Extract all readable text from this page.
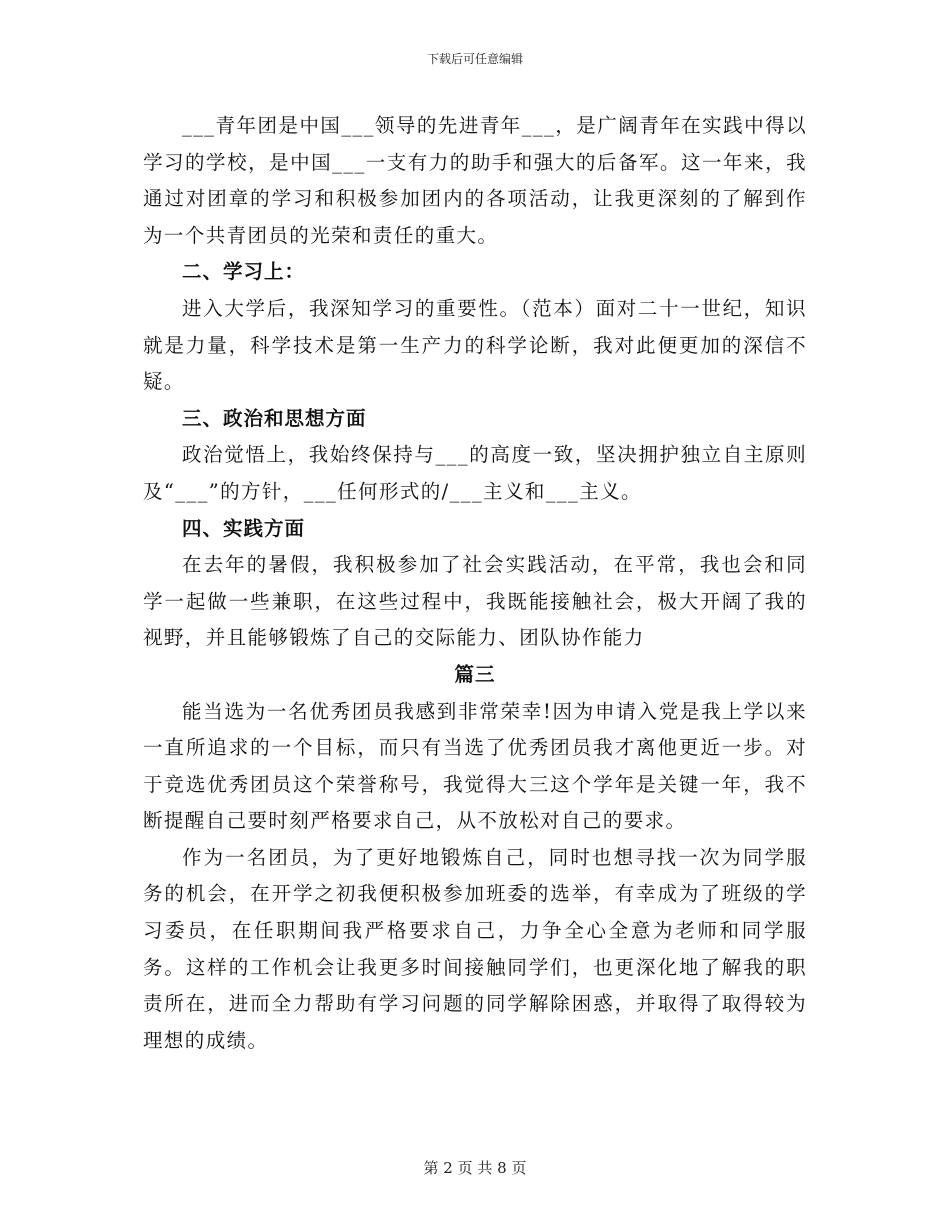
下载后可任意编辑

___青年团是中国___领导的先进青年___，是广阔青年在实践中得以学习的学校，是中国___一支有力的助手和强大的后备军。这一年来，我通过对团章的学习和积极参加团内的各项活动，让我更深刻的了解到作为一个共青团员的光荣和责任的重大。

二、学习上：

进入大学后，我深知学习的重要性。（范本）面对二十一世纪，知识就是力量，科学技术是第一生产力的科学论断，我对此便更加的深信不疑。

三、政治和思想方面

政治觉悟上，我始终保持与___的高度一致，坚决拥护独立自主原则及“___”的方针，___任何形式的/___主义和___主义。

四、实践方面

在去年的暑假，我积极参加了社会实践活动，在平常，我也会和同学一起做一些兼职，在这些过程中，我既能接触社会，极大开阔了我的视野，并且能够锻炼了自己的交际能力、团队协作能力

篇三

能当选为一名优秀团员我感到非常荣幸!因为申请入党是我上学以来一直所追求的一个目标，而只有当选了优秀团员我才离他更近一步。对于竞选优秀团员这个荣誉称号，我觉得大三这个学年是关键一年，我不断提醒自己要时刻严格要求自己，从不放松对自己的要求。

作为一名团员，为了更好地锻炼自己，同时也想寻找一次为同学服务的机会，在开学之初我便积极参加班委的选举，有幸成为了班级的学习委员，在任职期间我严格要求自己，力争全心全意为老师和同学服务。这样的工作机会让我更多时间接触同学们，也更深化地了解我的职责所在，进而全力帮助有学习问题的同学解除困惑，并取得了取得较为理想的成绩。

第 2 页 共 8 页
